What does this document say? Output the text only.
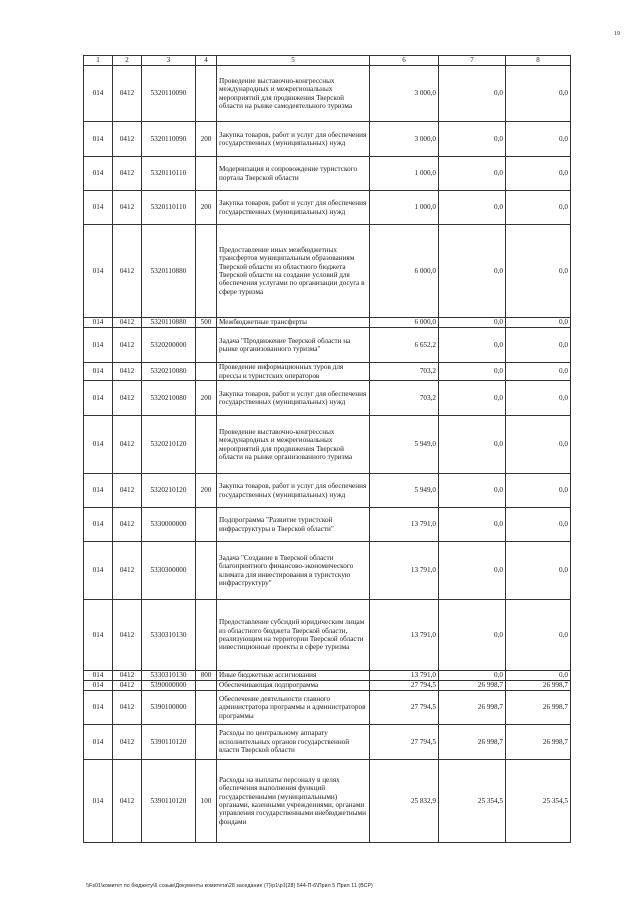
19
1	2	3	4	5	6	7	8
014	0412	5320110090		Проведение выставочно-конгрессных международных и межрегиональных мероприятий для продвижения Тверской области на рынке самодеятельного туризма	3 000,0	0,0	0,0
014	0412	5320110090	200	Закупка товаров, работ и услуг для обеспечения государственных (муниципальных) нужд	3 000,0	0,0	0,0
014	0412	5320110110		Модернизация и сопровождение туристского портала Тверской области	1 000,0	0,0	0,0
014	0412	5320110110	200	Закупка товаров, работ и услуг для обеспечения государственных (муниципальных) нужд	1 000,0	0,0	0,0
014	0412	5320110880		Предоставление иных межбюджетных трансфертов муниципальным образованиям Тверской области из областного бюджета Тверской области на создание условий для обеспечения услугами по организации досуга в сфере туризма	6 000,0	0,0	0,0
014	0412	5320110880	500	Межбюджетные трансферты	6 000,0	0,0	0,0
014	0412	5320200000		Задача "Продвижение Тверской области на рынке организованного туризма"	6 652,2	0,0	0,0
014	0412	5320210080		Проведение информационных туров для прессы и туристских операторов	703,2	0,0	0,0
014	0412	5320210080	200	Закупка товаров, работ и услуг для обеспечения государственных (муниципальных) нужд	703,2	0,0	0,0
014	0412	5320210120		Проведение выставочно-конгрессных международных и межрегиональных мероприятий для продвижения Тверской области на рынке организованного туризма	5 949,0	0,0	0,0
014	0412	5320210120	200	Закупка товаров, работ и услуг для обеспечения государственных (муниципальных) нужд	5 949,0	0,0	0,0
014	0412	5330000000		Подпрограмма "Развитие туристской инфраструктуры в Тверской области"	13 791,0	0,0	0,0
014	0412	5330300000		Задача "Создание в Тверской области благоприятного финансово-экономического климата для инвестирования в туристскую инфраструктуру"	13 791,0	0,0	0,0
014	0412	5330310130		Предоставление субсидий юридическим лицам из областного бюджета Тверской области, реализующим на территории Тверской области инвестиционные проекты в сфере туризма	13 791,0	0,0	0,0
014	0412	5330310130	800	Иные бюджетные ассигнования	13 791,0	0,0	0,0
014	0412	5390000000		Обеспечивающая подпрограмма	27 794,5	26 998,7	26 998,7
014	0412	5390100000		Обеспечение деятельности главного администратора программы и администраторов программы	27 794,5	26 998,7	26 998,7
014	0412	5390110120		Расходы по центральному аппарату исполнительных органов государственной власти Тверской области	27 794,5	26 998,7	26 998,7
014	0412	5390110120	100	Расходы на выплаты персоналу в целях обеспечения выполнения функций государственными (муниципальными) органами, казенными учреждениями, органами управления государственными внебюджетными фондами	25 832,9	25 354,5	25 354,5
\\Fs01\комитет по бюджету\6 созыв\Документы комитета\28 заседание (7)\p1\p1(28) 544-П-6\Прил 5 Прил 11 (ВСР)
